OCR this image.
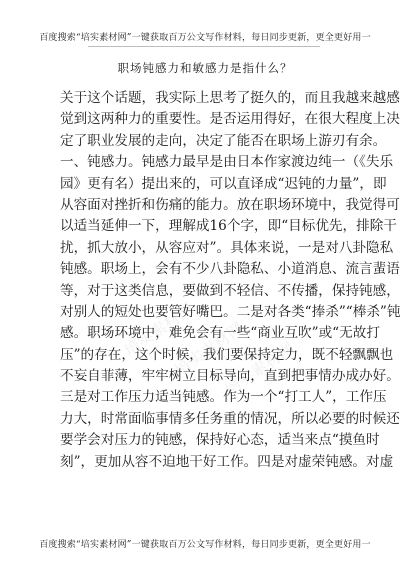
百度搜索“培实素材网”一键获取百万公文写作材料，每日同步更新，更全更好用一
职场钝感力和敏感力是指什么？
关于这个话题，我实际上思考了挺久的，而且我越来越感
觉到这两种力的重要性。是否运用得好，在很大程度上决
定了职业发展的走向，决定了能否在职场上游刃有余。
一、钝感力。钝感力最早是由日本作家渡边纯一（《失乐
园》更有名）提出来的，可以直译成“迟钝的力量”，即
从容面对挫折和伤痛的能力。放在职场环境中，我觉得可
以适当延伸一下，理解成16个字，即“目标优先，排除干
扰，抓大放小，从容应对”。具体来说，一是对八卦隐私
钝感。职场上，会有不少八卦隐私、小道消息、流言蜚语
等，对于这类信息，要做到不轻信、不传播，保持钝感，
对别人的短处也要管好嘴巴。二是对各类“捧杀”“棒杀”钝
感。职场环境中，难免会有一些“商业互吹”或“无故打
压”的存在，这个时候，我们要保持定力，既不轻飘飘也
不妄自菲薄，牢牢树立目标导向，直到把事情办成办好。
三是对工作压力适当钝感。作为一个“打工人”，工作压
力大，时常面临事情多任务重的情况，所以必要的时候还
要学会对压力的钝感，保持好心态，适当来点“摸鱼时
刻”，更加从容不迫地干好工作。四是对虚荣钝感。对虚
培实素材网
培实素材网
培实素材网
百度搜索“培实素材网”一键获取百万公文写作材料，每日同步更新，更全更好用一
